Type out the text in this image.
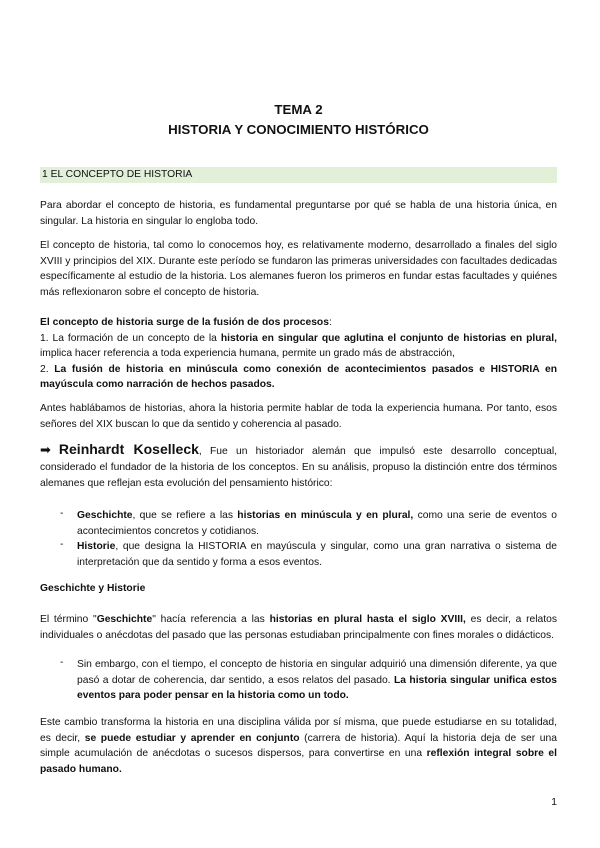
TEMA 2
HISTORIA Y CONOCIMIENTO HISTÓRICO
1 EL CONCEPTO DE HISTORIA

Para abordar el concepto de historia, es fundamental preguntarse por qué se habla de una historia única, en singular. La historia en singular lo engloba todo.

El concepto de historia, tal como lo conocemos hoy, es relativamente moderno, desarrollado a finales del siglo XVIII y principios del XIX. Durante este período se fundaron las primeras universidades con facultades dedicadas específicamente al estudio de la historia. Los alemanes fueron los primeros en fundar estas facultades y quiénes más reflexionaron sobre el concepto de historia.

El concepto de historia surge de la fusión de dos procesos:
1. La formación de un concepto de la historia en singular que aglutina el conjunto de historias en plural, implica hacer referencia a toda experiencia humana, permite un grado más de abstracción,
2. La fusión de historia en minúscula como conexión de acontecimientos pasados e HISTORIA en mayúscula como narración de hechos pasados.

Antes hablábamos de historias, ahora la historia permite hablar de toda la experiencia humana. Por tanto, esos señores del XIX buscan lo que da sentido y coherencia al pasado.

➡ Reinhardt Koselleck, Fue un historiador alemán que impulsó este desarrollo conceptual, considerado el fundador de la historia de los conceptos. En su análisis, propuso la distinción entre dos términos alemanes que reflejan esta evolución del pensamiento histórico:
- Geschichte, que se refiere a las historias en minúscula y en plural, como una serie de eventos o acontecimientos concretos y cotidianos.
- Historie, que designa la HISTORIA en mayúscula y singular, como una gran narrativa o sistema de interpretación que da sentido y forma a esos eventos.

Geschichte y Historie

El término "Geschichte" hacía referencia a las historias en plural hasta el siglo XVIII, es decir, a relatos individuales o anécdotas del pasado que las personas estudiaban principalmente con fines morales o didácticos.

- Sin embargo, con el tiempo, el concepto de historia en singular adquirió una dimensión diferente, ya que pasó a dotar de coherencia, dar sentido, a esos relatos del pasado. La historia singular unifica estos eventos para poder pensar en la historia como un todo.

Este cambio transforma la historia en una disciplina válida por sí misma, que puede estudiarse en su totalidad, es decir, se puede estudiar y aprender en conjunto (carrera de historia). Aquí la historia deja de ser una simple acumulación de anécdotas o sucesos dispersos, para convertirse en una reflexión integral sobre el pasado humano.

1
